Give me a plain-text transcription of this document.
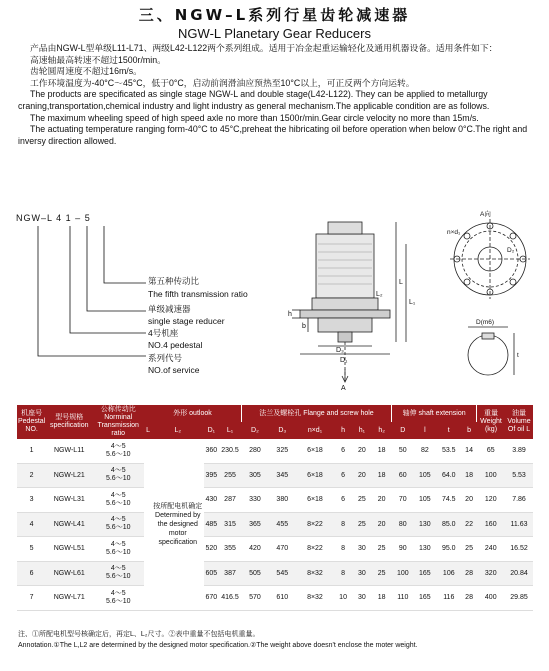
三、NGW–L系列行星齿轮减速器
NGW-L Planetary Gear Reducers

产品由NGW-L型单级L11-L71、两级L42-L122两个系列组成。适用于冶金起重运输轻化及通用机器设备。适用条件如下：

高速轴最高转速不超过1500r/min。

齿轮圆周速度不超过16m/s。

工作环境温度为-40°C～45°C，低于0°C，启动前润滑油应预热至10°C以上，可正反两个方向运转。

The products are specificated as single stage NGW-L and double stage(L42-L122). They can be applied to metallurgy craning,transportation,chemical industry and light industry as general mechanism.The applicable condition are as follows.

The maximum wheeling speed of high speed axle no more than 1500r/min.Gear circle velocity no more than 15m/s.

The actuating temperature ranging form-40°C to 45°C,preheat the hibricating oil before operation when below 0°C.The right and inversy direction allowed.

NGW–L 4 1 – 5
第五种传动比
The fifth transmission ratio
单级减速器
single stage reducer
4号机座
NO.4 pedestal
系列代号
NO.of service
L
L₁
L₂
h
b
D₃
D₁
A
A向
D₂
n×d₁
D(m6)
t
机座号 Pedestal NO.	型号规格 specification	公称传动比 Norminal Transmission ratio	外形 outlook				法兰及螺栓孔 Flange and screw hole						轴伸 shaft extension				重量 Weight (kg)	油量 Volume Of oil L
			L	L₂	D₁	L₁	D₂	D₃	n×d₁	h	h₁	h₂	D	l	t	b		
1	NGW-L11	4～5
5.6～10		按所配电机确定 Determined by the designed motor specification	360	230.5	280	325	6×18	6	20	18	50	82	53.5	14	65	3.89
2	NGW-L21	4～5
5.6～10			395	255	305	345	6×18	6	20	18	60	105	64.0	18	100	5.53
3	NGW-L31	4～5
5.6～10			430	287	330	380	6×18	6	25	20	70	105	74.5	20	120	7.86
4	NGW-L41	4～5
5.6～10			485	315	365	455	8×22	8	25	20	80	130	85.0	22	160	11.63
5	NGW-L51	4～5
5.6～10			520	355	420	470	8×22	8	30	25	90	130	95.0	25	240	16.52
6	NGW-L61	4～5
5.6～10			605	387	505	545	8×32	8	30	25	100	165	106	28	320	20.84
7	NGW-L71	4～5
5.6～10			670	416.5	570	610	8×32	10	30	18	110	165	116	28	400	29.85

注、①所配电机型号核确定后，再定L、L₂尺寸。②表中重量不包括电机重量。

Annotation.①The L,L2 are determined by the designed motor specification.②The weight above doesn't enclose the moter weight.
